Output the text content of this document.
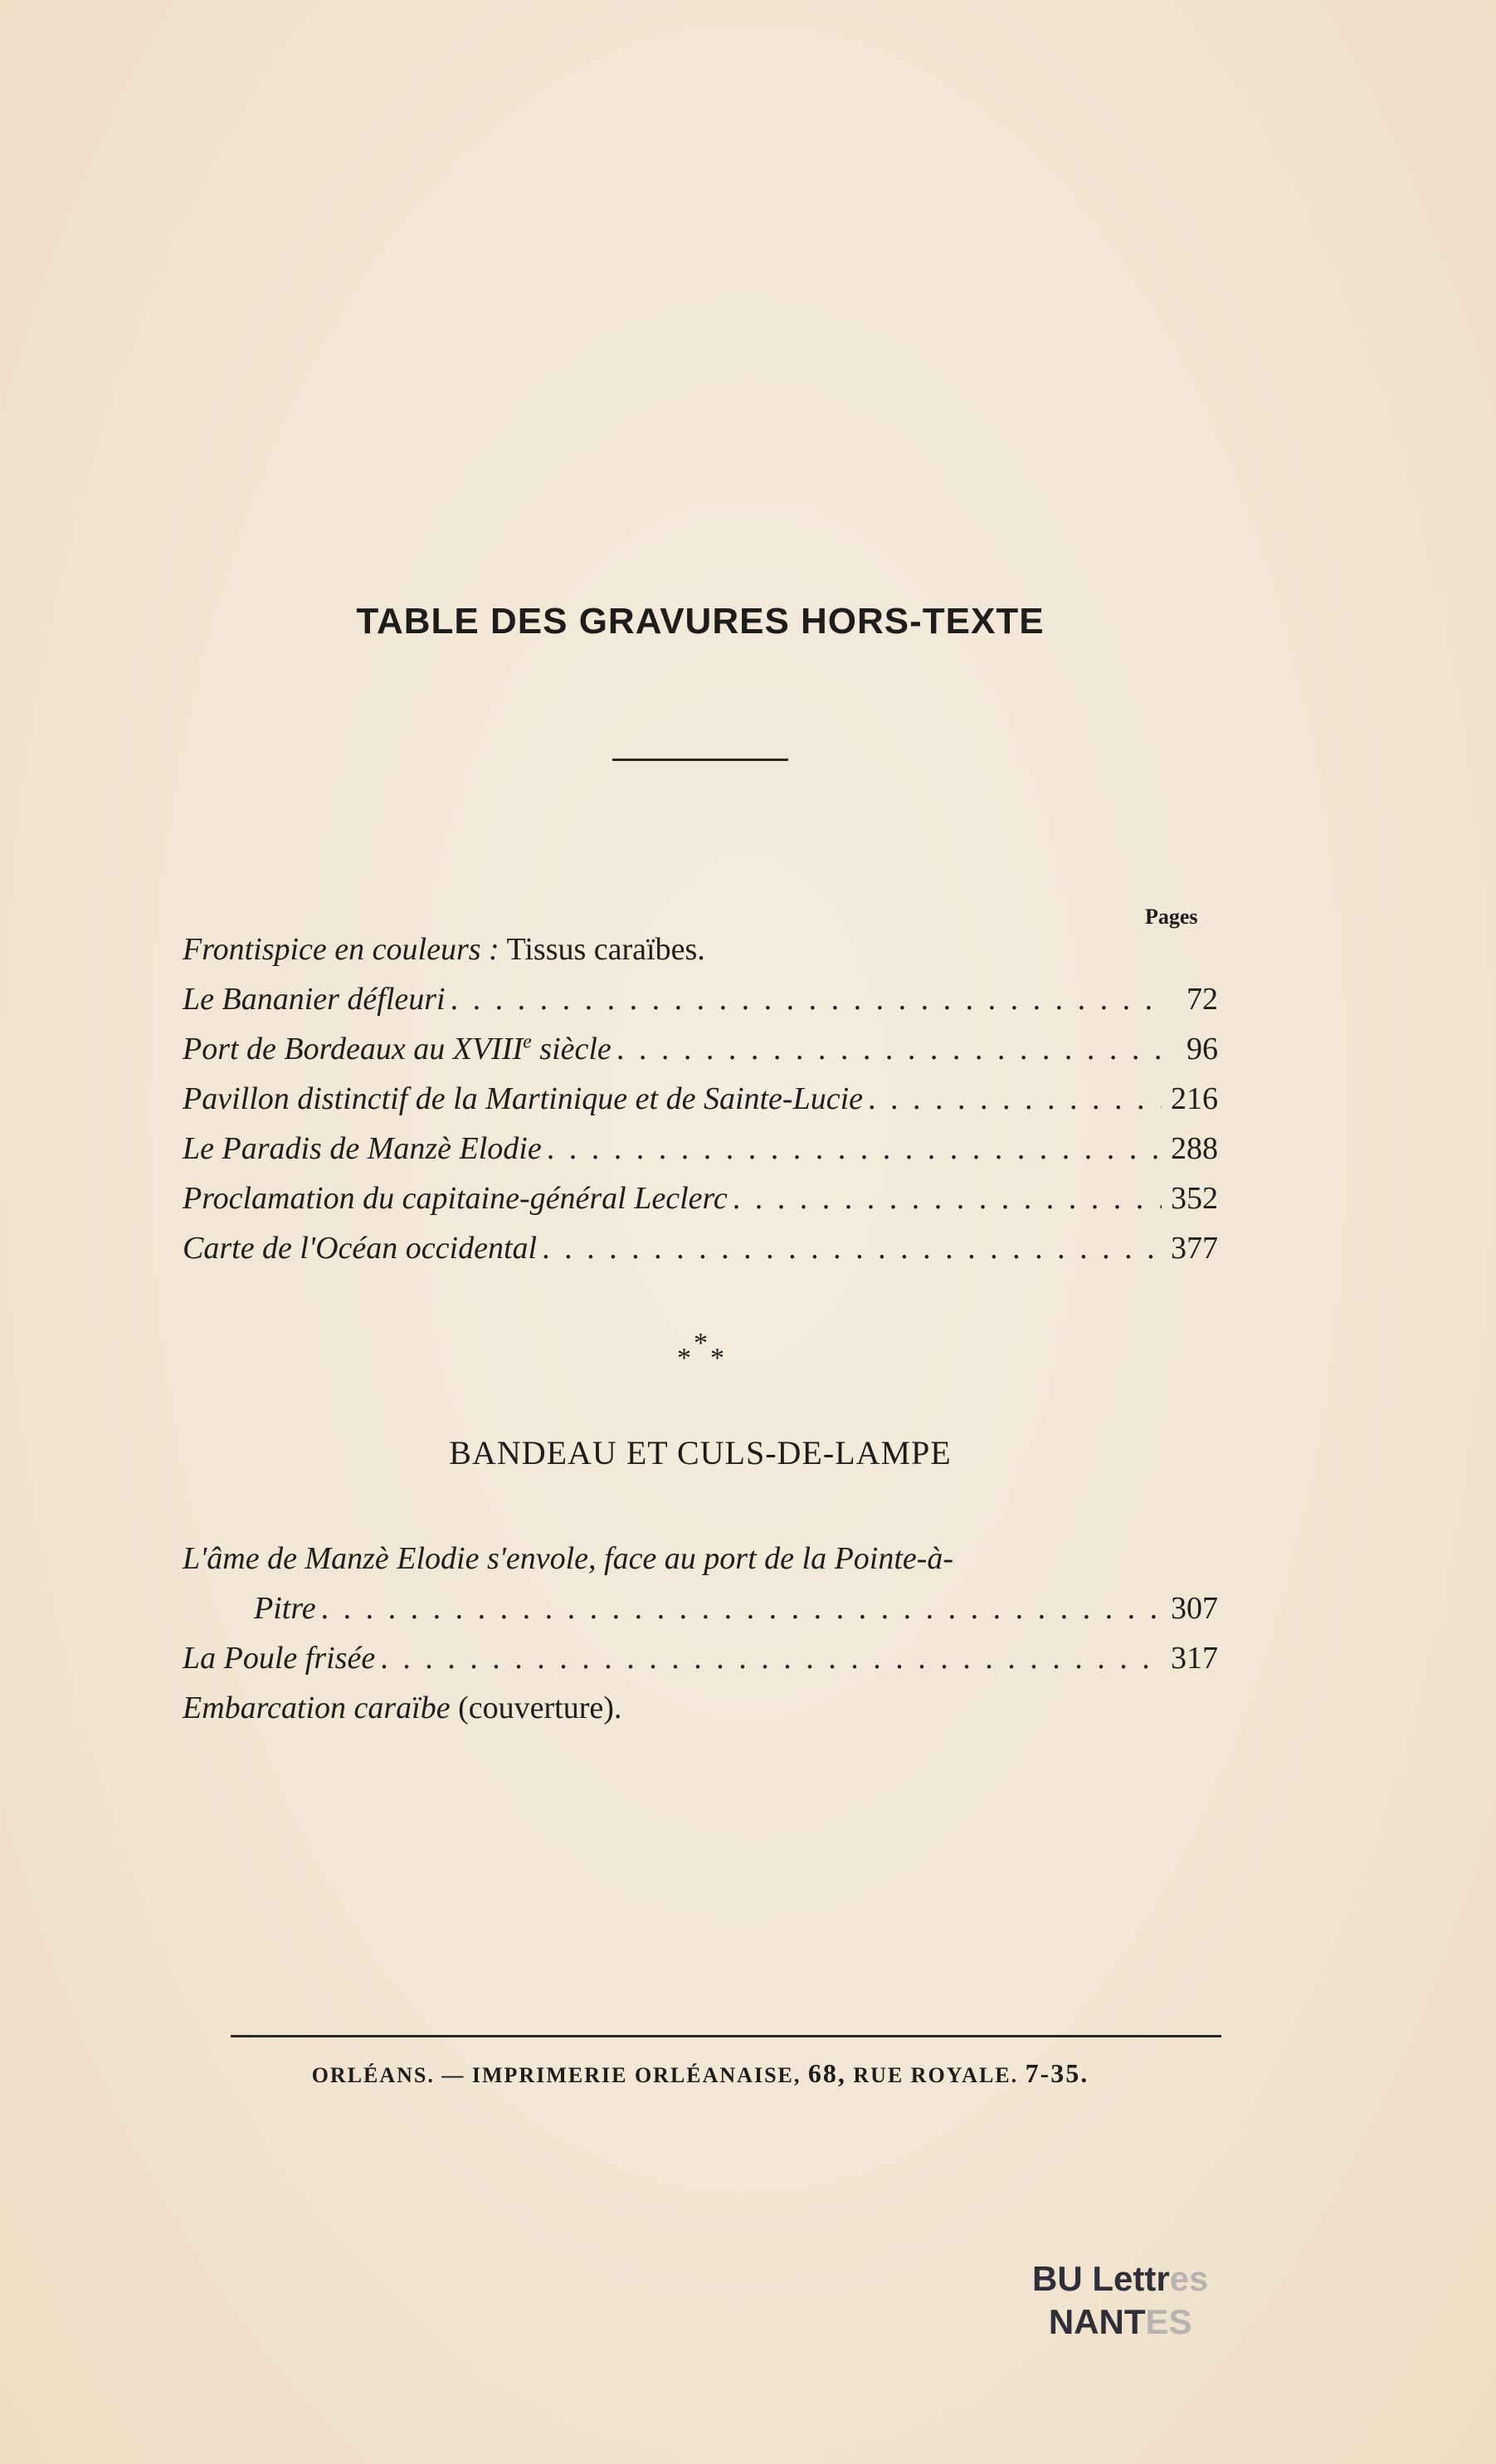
TABLE DES GRAVURES HORS-TEXTE
Pages
Frontispice en couleurs : Tissus caraïbes.
Le Bananier défleuri . . .	72
Port de Bordeaux au XVIIIe siècle . . .	96
Pavillon distinctif de la Martinique et de Sainte-Lucie . . .	216
Le Paradis de Manzè Elodie . . .	288
Proclamation du capitaine-général Leclerc . . .	352
Carte de l'Océan occidental . . .	377
*
* *
BANDEAU ET CULS-DE-LAMPE
L'âme de Manzè Elodie s'envole, face au port de la Pointe-à-
Pitre . . .	307
La Poule frisée . . .	317
Embarcation caraïbe (couverture).
ORLÉANS. — IMPRIMERIE ORLÉANAISE, 68, RUE ROYALE. 7-35.
BU Lettres
NANTES
